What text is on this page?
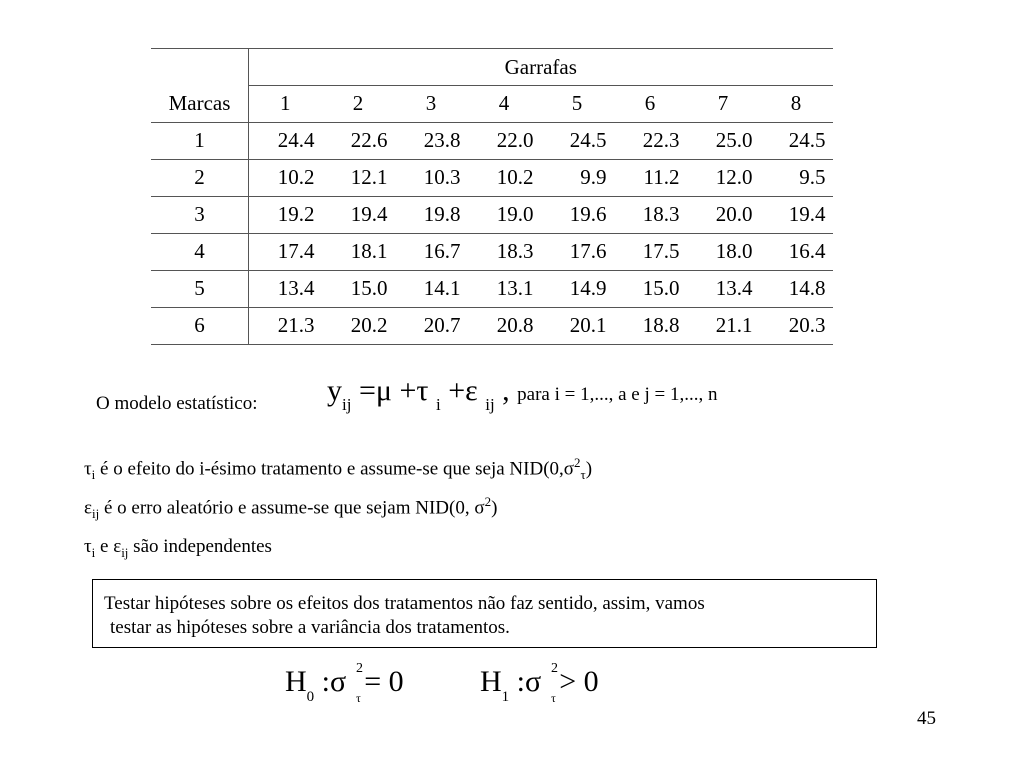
	Garrafas							
Marcas	1	2	3	4	5	6	7	8
1	24.4	22.6	23.8	22.0	24.5	22.3	25.0	24.5
2	10.2	12.1	10.3	10.2	9.9	11.2	12.0	9.5
3	19.2	19.4	19.8	19.0	19.6	18.3	20.0	19.4
4	17.4	18.1	16.7	18.3	17.6	17.5	18.0	16.4
5	13.4	15.0	14.1	13.1	14.9	15.0	13.4	14.8
6	21.3	20.2	20.7	20.8	20.1	18.8	21.1	20.3
O modelo estatístico: yij =μ +τ i +ε ij , para i = 1,..., a e j = 1,..., n
$\tau_i$ é o efeito do i-ésimo tratamento e assume-se que seja $NID(0,\sigma^2_\tau)$
$\varepsilon_{ij}$ é o erro aleatório e assume-se que sejam NID(0, $\sigma^2$)
$\tau_i$ e $\varepsilon_{ij}$ são independentes
Testar hipóteses sobre os efeitos dos tratamentos não faz sentido, assim, vamos
testar as hipóteses sobre a variância dos tratamentos.
$H_0$ :σ 2
τ = 0	$H_1$ :σ 2
τ > 0
45
